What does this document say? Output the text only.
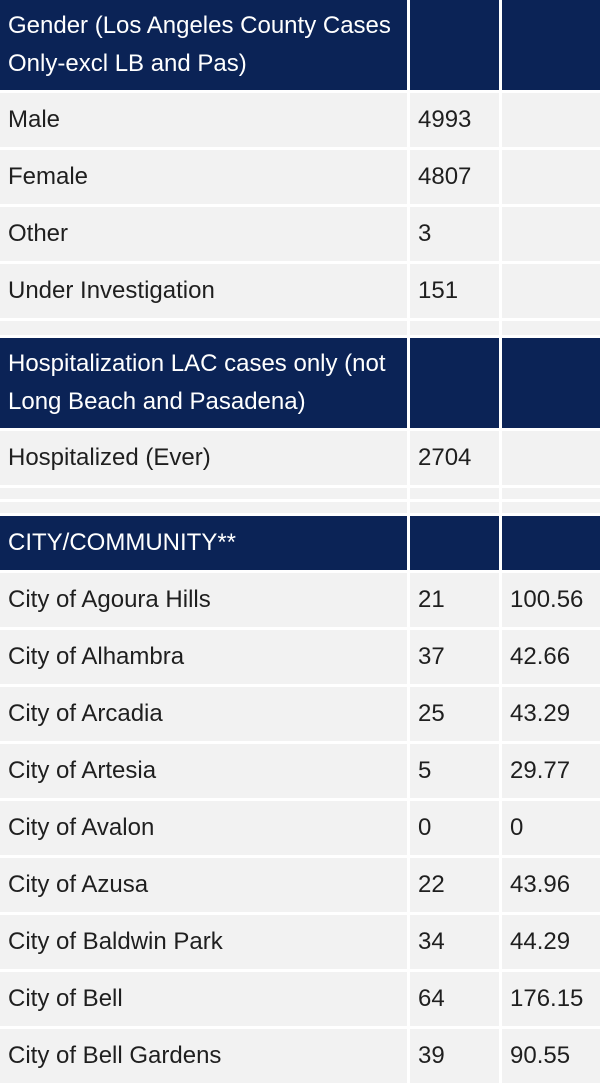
Gender (Los Angeles County Cases Only-excl LB and Pas)		
Male	4993	
Female	4807	
Other	3	
Under Investigation	151	

Hospitalization LAC cases only (not Long Beach and Pasadena)		
Hospitalized (Ever)	2704	

CITY/COMMUNITY**		
City of Agoura Hills	21	100.56
City of Alhambra	37	42.66
City of Arcadia	25	43.29
City of Artesia	5	29.77
City of Avalon	0	0
City of Azusa	22	43.96
City of Baldwin Park	34	44.29
City of Bell	64	176.15
City of Bell Gardens	39	90.55
